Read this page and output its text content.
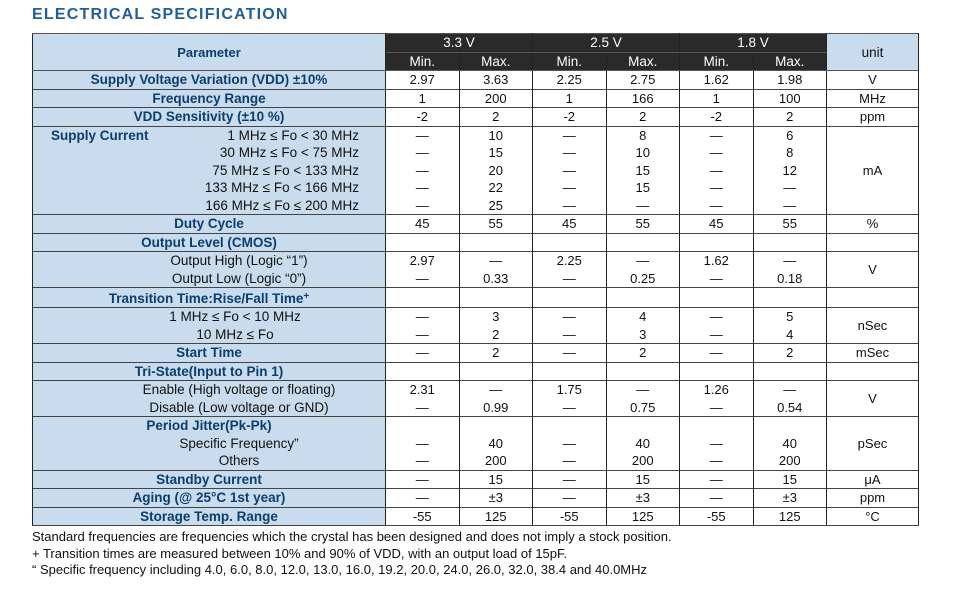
ELECTRICAL SPECIFICATION
Parameter	3.3 V		2.5 V		1.8 V		unit
	Min.	Max.	Min.	Max.	Min.	Max.	
Supply Voltage Variation (VDD) ±10%	2.97	3.63	2.25	2.75	1.62	1.98	V
Frequency Range	1	200	1	166	1	100	MHz
VDD Sensitivity (±10 %)	-2	2	-2	2	-2	2	ppm

Supply Current 1 MHz ≤ Fo < 30 MHz	—	10	—	8	—	6	mA
30 MHz ≤ Fo < 75 MHz	—	15	—	10	—	8	
75 MHz ≤ Fo < 133 MHz	—	20	—	15	—	12	
133 MHz ≤ Fo < 166 MHz	—	22	—	15	—	—	
166 MHz ≤ Fo ≤ 200 MHz	—	25	—	—	—	—	
Duty Cycle	45	55	45	55	45	55	%
Output Level (CMOS)							
Output High (Logic “1”)	2.97	—	2.25	—	1.62	—	V
Output Low (Logic “0”)	—	0.33	—	0.25	—	0.18	
Transition Time:Rise/Fall Time+							
1 MHz ≤ Fo < 10 MHz	—	3	—	4	—	5	nSec
10 MHz ≤ Fo	—	2	—	3	—	4	
Start Time	—	2	—	2	—	2	mSec
Tri-State(Input to Pin 1)							
Enable (High voltage or floating)	2.31	—	1.75	—	1.26	—	V
Disable (Low voltage or GND)	—	0.99	—	0.75	—	0.54	
Period Jitter(Pk-Pk)							pSec
Specific Frequency”	—	40	—	40	—	40	
Others	—	200	—	200	—	200	
Standby Current	—	15	—	15	—	15	μA
Aging (@ 25°C 1st year)	—	±3	—	±3	—	±3	ppm
Storage Temp. Range	-55	125	-55	125	-55	125	°C
Standard frequencies are frequencies which the crystal has been designed and does not imply a stock position.
+ Transition times are measured between 10% and 90% of VDD, with an output load of 15pF.
“ Specific frequency including 4.0, 6.0, 8.0, 12.0, 13.0, 16.0, 19.2, 20.0, 24.0, 26.0, 32.0, 38.4 and 40.0MHz
